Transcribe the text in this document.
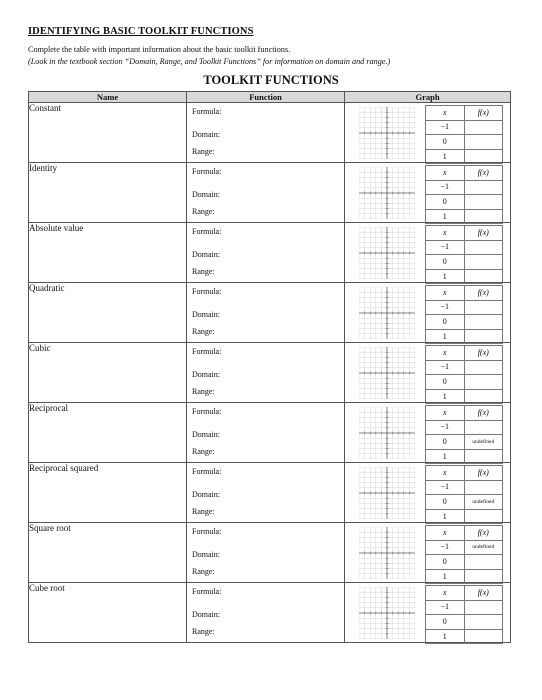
IDENTIFYING BASIC TOOLKIT FUNCTIONS
Complete the table with important information about the basic toolkit functions.
(Look in the textbook section “Domain, Range, and Toolkit Functions” for information on domain and range.)
TOOLKIT FUNCTIONS
Name	Function	Graph
Constant	Formula:
Domain:
Range:

x	f(x)
−1	
0	
1	

Identity	Formula:
Domain:
Range:

x	f(x)
−1	
0	
1	

Absolute value	Formula:
Domain:
Range:

x	f(x)
−1	
0	
1	

Quadratic	Formula:
Domain:
Range:

x	f(x)
−1	
0	
1	

Cubic	Formula:
Domain:
Range:

x	f(x)
−1	
0	
1	

Reciprocal	Formula:
Domain:
Range:

x	f(x)
−1	
0	undefined
1	

Reciprocal squared	Formula:
Domain:
Range:

x	f(x)
−1	
0	undefined
1	

Square root	Formula:
Domain:
Range:

x	f(x)
−1	undefined
0	
1	

Cube root	Formula:
Domain:
Range:

x	f(x)
−1	
0	
1	
